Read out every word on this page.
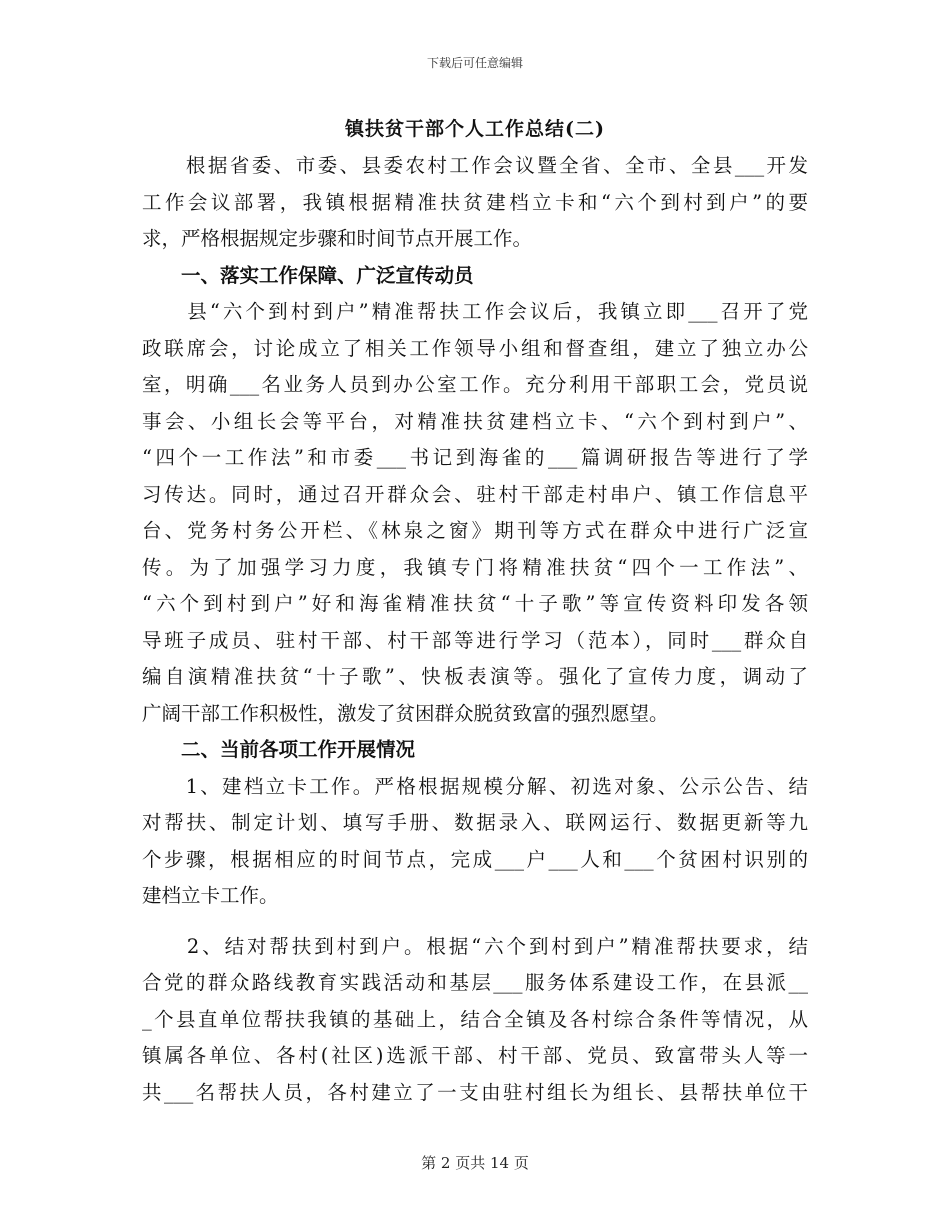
下载后可任意编辑
镇扶贫干部个人工作总结(二)
　　根据省委、市委、县委农村工作会议暨全省、全市、全县___开发
工作会议部署，我镇根据精准扶贫建档立卡和“六个到村到户”的要
求，严格根据规定步骤和时间节点开展工作。
　　一、落实工作保障、广泛宣传动员
　　县“六个到村到户”精准帮扶工作会议后，我镇立即___召开了党
政联席会，讨论成立了相关工作领导小组和督查组，建立了独立办公
室，明确___名业务人员到办公室工作。充分利用干部职工会，党员说
事会、小组长会等平台，对精准扶贫建档立卡、“六个到村到户”、
“四个一工作法”和市委___书记到海雀的___篇调研报告等进行了学
习传达。同时，通过召开群众会、驻村干部走村串户、镇工作信息平
台、党务村务公开栏、《林泉之窗》期刊等方式在群众中进行广泛宣
传。为了加强学习力度，我镇专门将精准扶贫“四个一工作法”、
“六个到村到户”好和海雀精准扶贫“十子歌”等宣传资料印发各领
导班子成员、驻村干部、村干部等进行学习（范本），同时___群众自
编自演精准扶贫“十子歌”、快板表演等。强化了宣传力度，调动了
广阔干部工作积极性，激发了贫困群众脱贫致富的强烈愿望。
　　二、当前各项工作开展情况
　　1、建档立卡工作。严格根据规模分解、初选对象、公示公告、结
对帮扶、制定计划、填写手册、数据录入、联网运行、数据更新等九
个步骤，根据相应的时间节点，完成___户___人和___个贫困村识别的
建档立卡工作。
　　2、结对帮扶到村到户。根据“六个到村到户”精准帮扶要求，结
合党的群众路线教育实践活动和基层___服务体系建设工作，在县派__
_个县直单位帮扶我镇的基础上，结合全镇及各村综合条件等情况，从
镇属各单位、各村(社区)选派干部、村干部、党员、致富带头人等一
共___名帮扶人员，各村建立了一支由驻村组长为组长、县帮扶单位干
第 2 页共 14 页
